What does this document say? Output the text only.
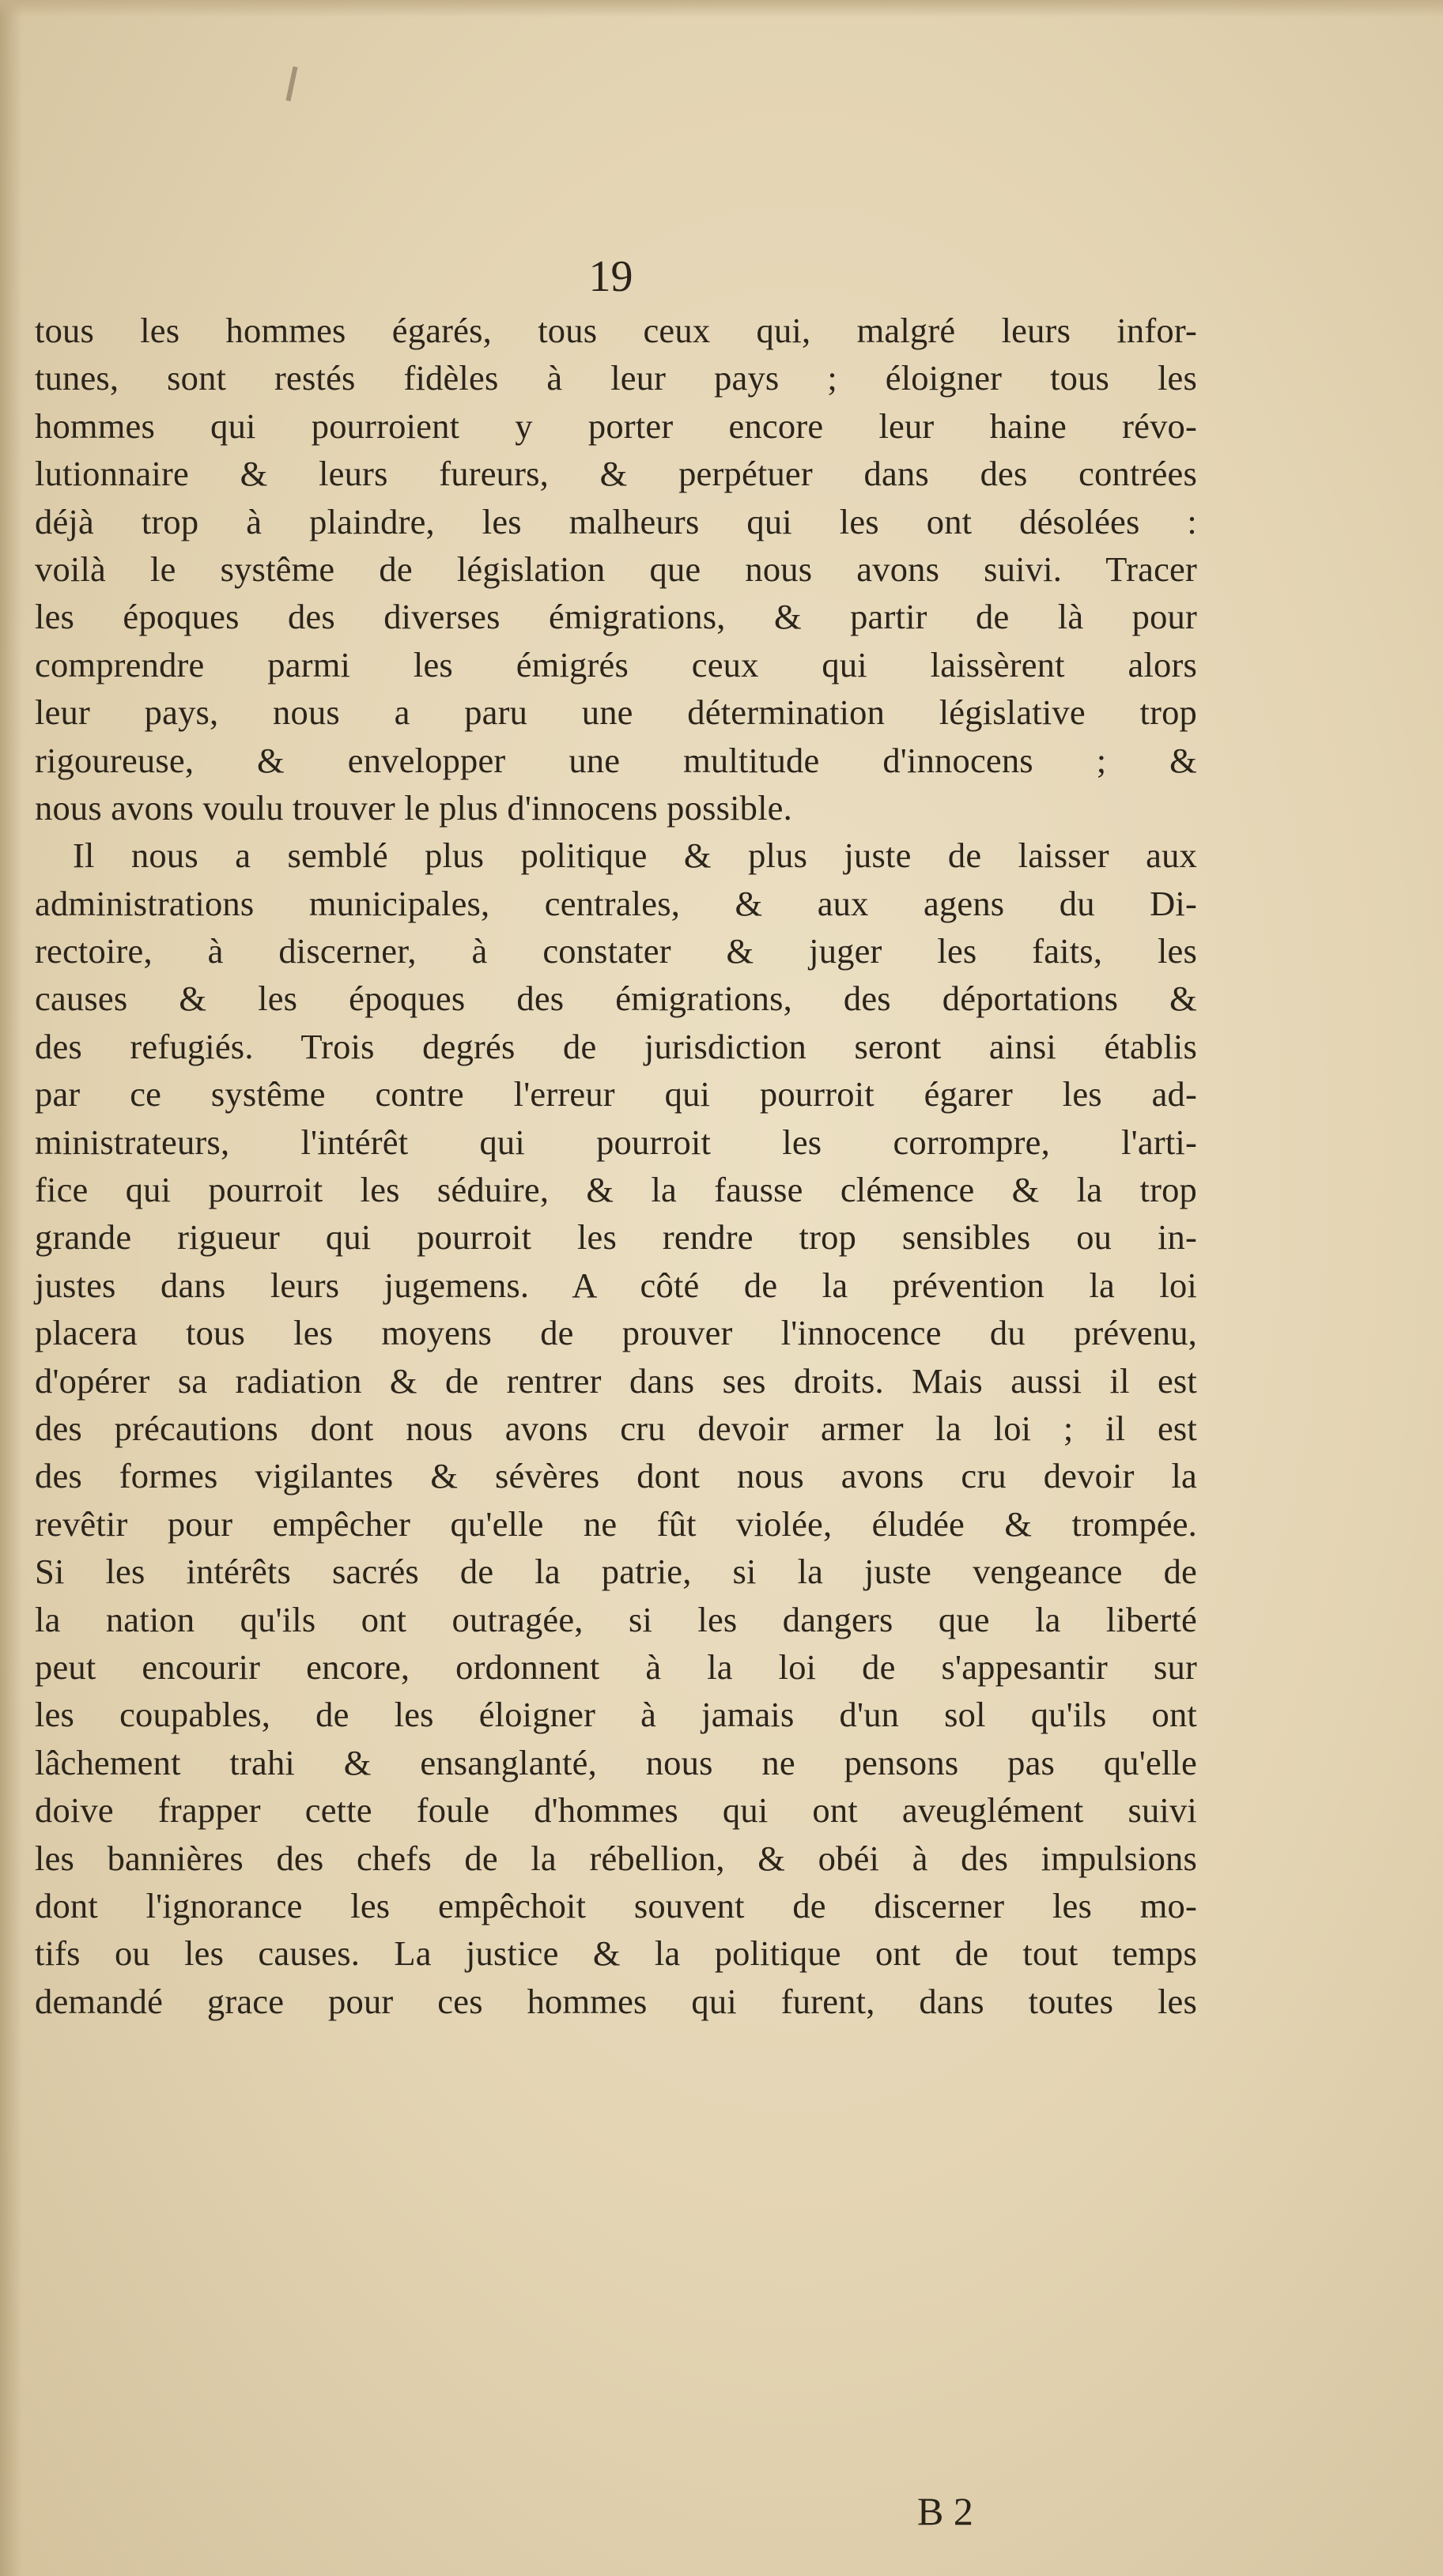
19
tous les hommes égarés, tous ceux qui, malgré leurs infor-
tunes, sont restés fidèles à leur pays ; éloigner tous les
hommes qui pourroient y porter encore leur haine révo-
lutionnaire & leurs fureurs, & perpétuer dans des contrées
déjà trop à plaindre, les malheurs qui les ont désolées :
voilà le systême de législation que nous avons suivi. Tracer
les époques des diverses émigrations, & partir de là pour
comprendre parmi les émigrés ceux qui laissèrent alors
leur pays, nous a paru une détermination législative trop
rigoureuse, & envelopper une multitude d'innocens ; &
nous avons voulu trouver le plus d'innocens possible.
Il nous a semblé plus politique & plus juste de laisser aux
administrations municipales, centrales, & aux agens du Di-
rectoire, à discerner, à constater & juger les faits, les
causes & les époques des émigrations, des déportations &
des refugiés. Trois degrés de jurisdiction seront ainsi établis
par ce systême contre l'erreur qui pourroit égarer les ad-
ministrateurs, l'intérêt qui pourroit les corrompre, l'arti-
fice qui pourroit les séduire, & la fausse clémence & la trop
grande rigueur qui pourroit les rendre trop sensibles ou in-
justes dans leurs jugemens. A côté de la prévention la loi
placera tous les moyens de prouver l'innocence du prévenu,
d'opérer sa radiation & de rentrer dans ses droits. Mais aussi il est
des précautions dont nous avons cru devoir armer la loi ; il est
des formes vigilantes & sévères dont nous avons cru devoir la
revêtir pour empêcher qu'elle ne fût violée, éludée & trompée.
Si les intérêts sacrés de la patrie, si la juste vengeance de
la nation qu'ils ont outragée, si les dangers que la liberté
peut encourir encore, ordonnent à la loi de s'appesantir sur
les coupables, de les éloigner à jamais d'un sol qu'ils ont
lâchement trahi & ensanglanté, nous ne pensons pas qu'elle
doive frapper cette foule d'hommes qui ont aveuglément suivi
les bannières des chefs de la rébellion, & obéi à des impulsions
dont l'ignorance les empêchoit souvent de discerner les mo-
tifs ou les causes. La justice & la politique ont de tout temps
demandé grace pour ces hommes qui furent, dans toutes les
B 2
